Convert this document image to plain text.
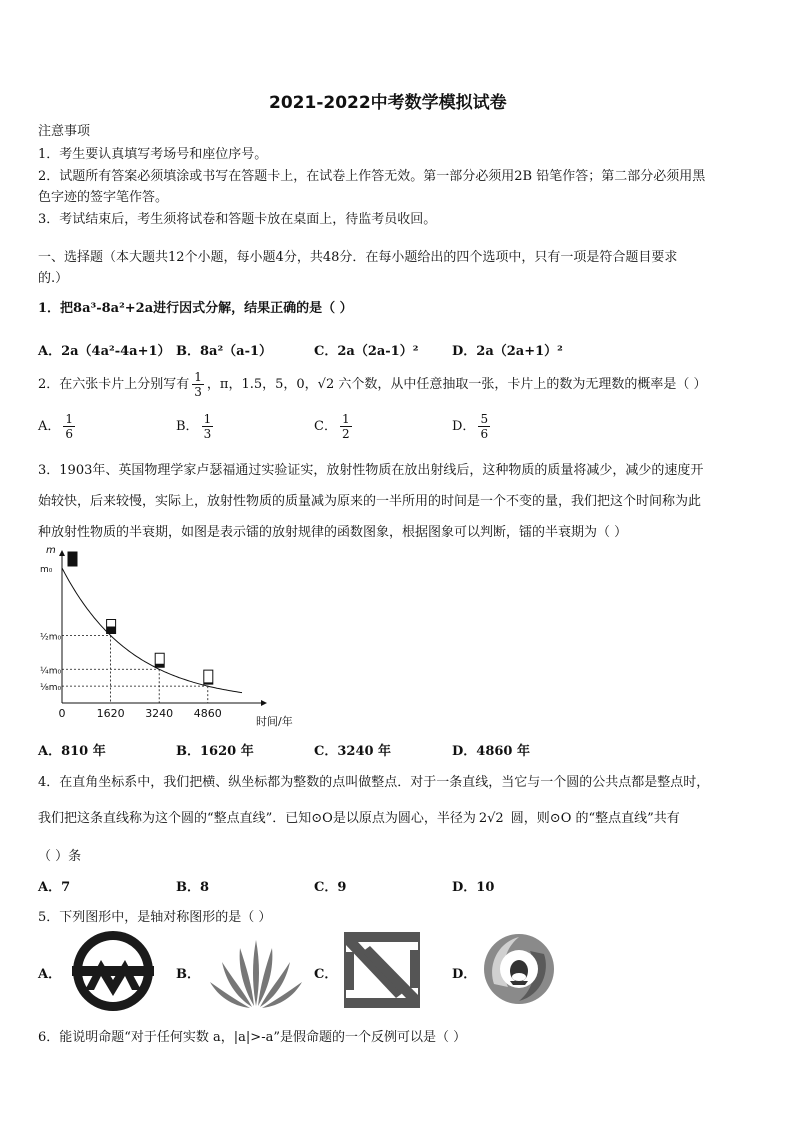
2021-2022中考数学模拟试卷
注意事项
1．考生要认真填写考场号和座位序号。
2．试题所有答案必须填涂或书写在答题卡上，在试卷上作答无效。第一部分必须用2B 铅笔作答；第二部分必须用黑
色字迹的签字笔作答。
3．考试结束后，考生须将试卷和答题卡放在桌面上，待监考员收回。
一、选择题（本大题共12个小题，每小题4分，共48分．在每小题给出的四个选项中，只有一项是符合题目要求
的.）
1．把8a³-8a²+2a进行因式分解，结果正确的是（ ）
A．2a（4a²-4a+1） B．8a²（a-1）	C．2a（2a-1）²	D．2a（2a+1）²
2．在六张卡片上分别写有 $\frac{1}{3}$ ，π，1.5，5，0，√2 六个数，从中任意抽取一张，卡片上的数为无理数的概率是（ ）
A． $\frac{1}{6}$	B． $\frac{1}{3}$	C． $\frac{1}{2}$	D． $\frac{5}{6}$
3．1903年、英国物理学家卢瑟福通过实验证实，放射性物质在放出射线后，这种物质的质量将减少，减少的速度开
始较快，后来较慢，实际上，放射性物质的质量减为原来的一半所用的时间是一个不变的量，我们把这个时间称为此
种放射性物质的半衰期，如图是表示镭的放射规律的函数图象，根据图象可以判断，镭的半衰期为（ ）
m
时间/年
0
m₀
1620
½m₀
3240
¼m₀
4860
⅛m₀
A．810 年	B．1620 年	C．3240 年	D．4860 年
4．在直角坐标系中，我们把横、纵坐标都为整数的点叫做整点．对于一条直线，当它与一个圆的公共点都是整点时，
我们把这条直线称为这个圆的“整点直线”．已知⊙O是以原点为圆心，半径为 2√2 圆，则⊙O 的“整点直线”共有
（ ）条
A．7	B．8	C．9	D．10
5．下列图形中，是轴对称图形的是（ ）
A．	B．	C．	D．
6．能说明命题“对于任何实数 a，|a|>-a”是假命题的一个反例可以是（ ）
